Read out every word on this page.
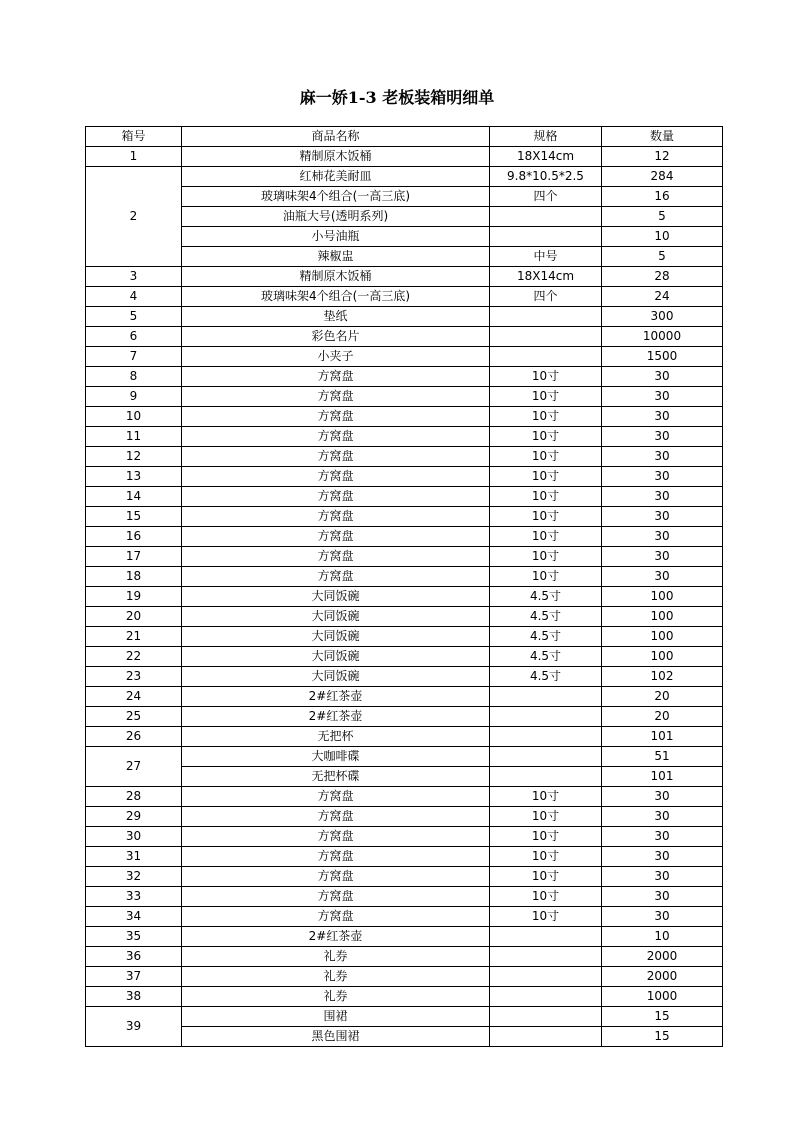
麻一娇1-3 老板装箱明细单
箱号	商品名称	规格	数量
1	精制原木饭桶	18X14cm	12
2	红柿花美耐皿	9.8*10.5*2.5	284
	玻璃味架4个组合(一高三底)	四个	16
	油瓶大号(透明系列)		5
	小号油瓶		10
	辣椒盅	中号	5
3	精制原木饭桶	18X14cm	28
4	玻璃味架4个组合(一高三底)	四个	24
5	垫纸		300
6	彩色名片		10000
7	小夹子		1500
8	方窝盘	10寸	30
9	方窝盘	10寸	30
10	方窝盘	10寸	30
11	方窝盘	10寸	30
12	方窝盘	10寸	30
13	方窝盘	10寸	30
14	方窝盘	10寸	30
15	方窝盘	10寸	30
16	方窝盘	10寸	30
17	方窝盘	10寸	30
18	方窝盘	10寸	30
19	大同饭碗	4.5寸	100
20	大同饭碗	4.5寸	100
21	大同饭碗	4.5寸	100
22	大同饭碗	4.5寸	100
23	大同饭碗	4.5寸	102
24	2#红茶壶		20
25	2#红茶壶		20
26	无把杯		101
27	大咖啡碟		51
	无把杯碟		101
28	方窝盘	10寸	30
29	方窝盘	10寸	30
30	方窝盘	10寸	30
31	方窝盘	10寸	30
32	方窝盘	10寸	30
33	方窝盘	10寸	30
34	方窝盘	10寸	30
35	2#红茶壶		10
36	礼券		2000
37	礼券		2000
38	礼券		1000
39	围裙		15
	黑色围裙		15
